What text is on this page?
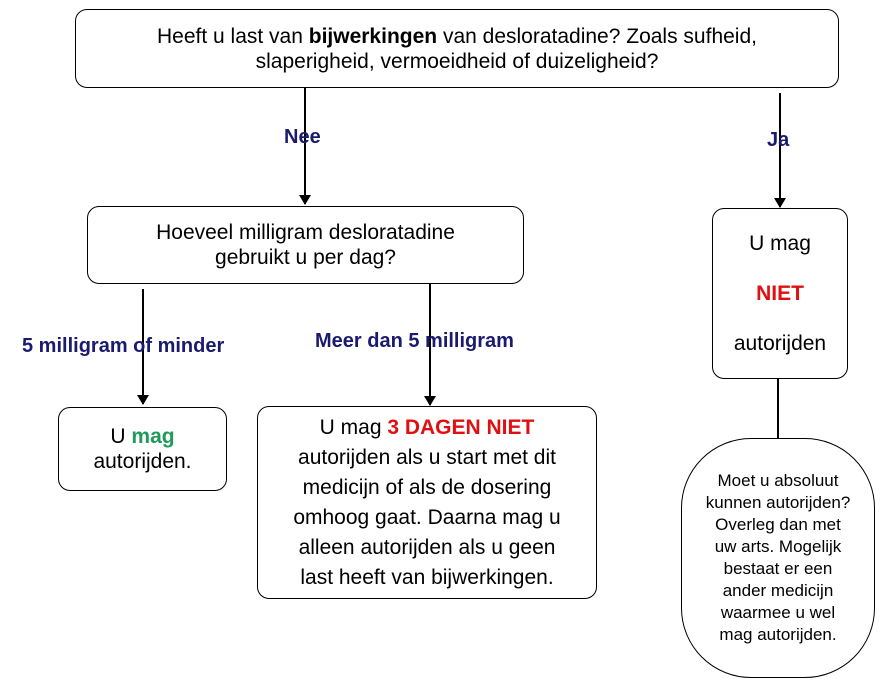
Heeft u last van bijwerkingen van desloratadine? Zoals sufheid,
slaperigheid, vermoeidheid of duizeligheid?
Nee	Ja
Hoeveel milligram desloratadine
gebruikt u per dag?
5 milligram of minder	Meer dan 5 milligram
U mag
autorijden.
U mag 3 DAGEN NIET
autorijden als u start met dit
medicijn of als de dosering
omhoog gaat. Daarna mag u
alleen autorijden als u geen
last heeft van bijwerkingen.
U mag
NIET
autorijden
Moet u absoluut
kunnen autorijden?
Overleg dan met
uw arts. Mogelijk
bestaat er een
ander medicijn
waarmee u wel
mag autorijden.
